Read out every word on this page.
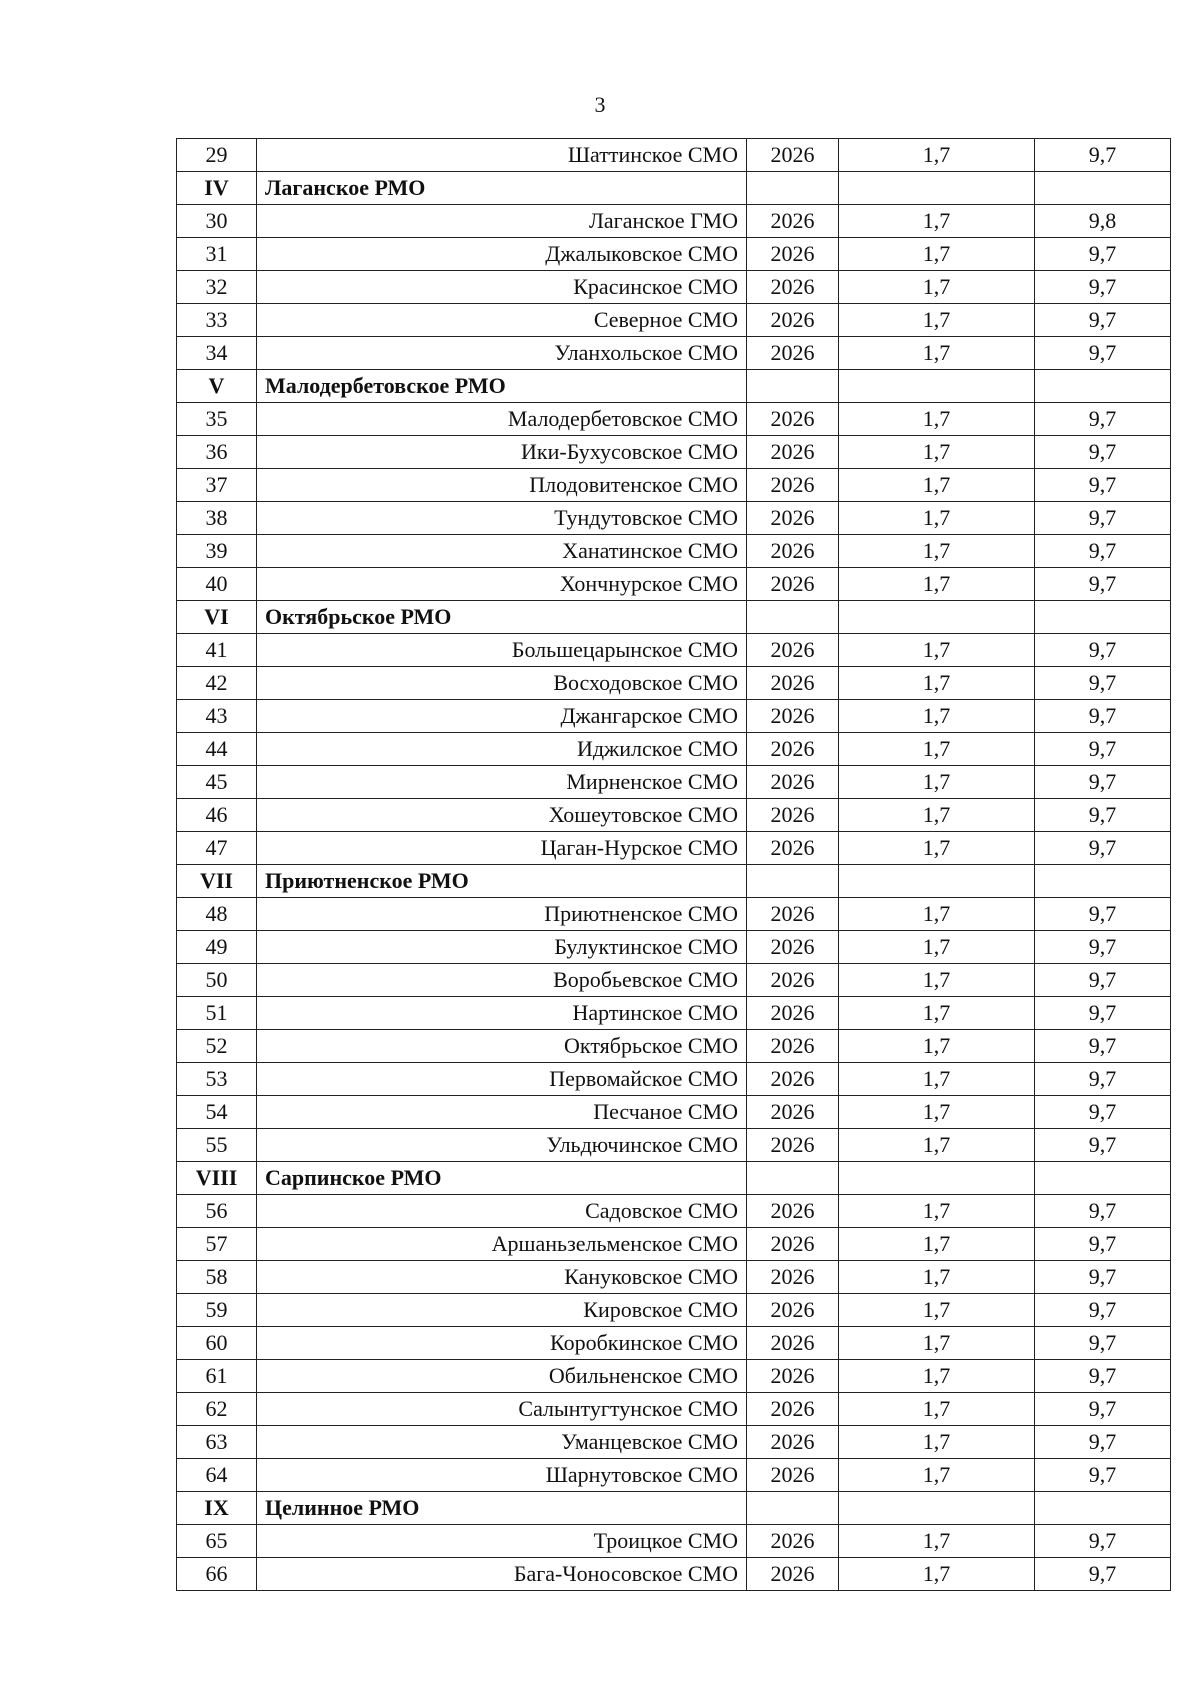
3
29	Шаттинское СМО	2026	1,7	9,7
IV	Лаганское РМО			
30	Лаганское ГМО	2026	1,7	9,8
31	Джалыковское СМО	2026	1,7	9,7
32	Красинское СМО	2026	1,7	9,7
33	Северное СМО	2026	1,7	9,7
34	Уланхольское СМО	2026	1,7	9,7
V	Малодербетовское РМО			
35	Малодербетовское СМО	2026	1,7	9,7
36	Ики-Бухусовское СМО	2026	1,7	9,7
37	Плодовитенское СМО	2026	1,7	9,7
38	Тундутовское СМО	2026	1,7	9,7
39	Ханатинское СМО	2026	1,7	9,7
40	Хончнурское СМО	2026	1,7	9,7
VI	Октябрьское РМО			
41	Большецарынское СМО	2026	1,7	9,7
42	Восходовское СМО	2026	1,7	9,7
43	Джангарское СМО	2026	1,7	9,7
44	Иджилское СМО	2026	1,7	9,7
45	Мирненское СМО	2026	1,7	9,7
46	Хошеутовское СМО	2026	1,7	9,7
47	Цаган-Нурское СМО	2026	1,7	9,7
VII	Приютненское РМО			
48	Приютненское СМО	2026	1,7	9,7
49	Булуктинское СМО	2026	1,7	9,7
50	Воробьевское СМО	2026	1,7	9,7
51	Нартинское СМО	2026	1,7	9,7
52	Октябрьское СМО	2026	1,7	9,7
53	Первомайское СМО	2026	1,7	9,7
54	Песчаное СМО	2026	1,7	9,7
55	Ульдючинское СМО	2026	1,7	9,7
VIII	Сарпинское РМО			
56	Садовское СМО	2026	1,7	9,7
57	Аршаньзельменское СМО	2026	1,7	9,7
58	Кануковское СМО	2026	1,7	9,7
59	Кировское СМО	2026	1,7	9,7
60	Коробкинское СМО	2026	1,7	9,7
61	Обильненское СМО	2026	1,7	9,7
62	Салынтугтунское СМО	2026	1,7	9,7
63	Уманцевское СМО	2026	1,7	9,7
64	Шарнутовское СМО	2026	1,7	9,7
IX	Целинное РМО			
65	Троицкое СМО	2026	1,7	9,7
66	Бага-Чоносовское СМО	2026	1,7	9,7
